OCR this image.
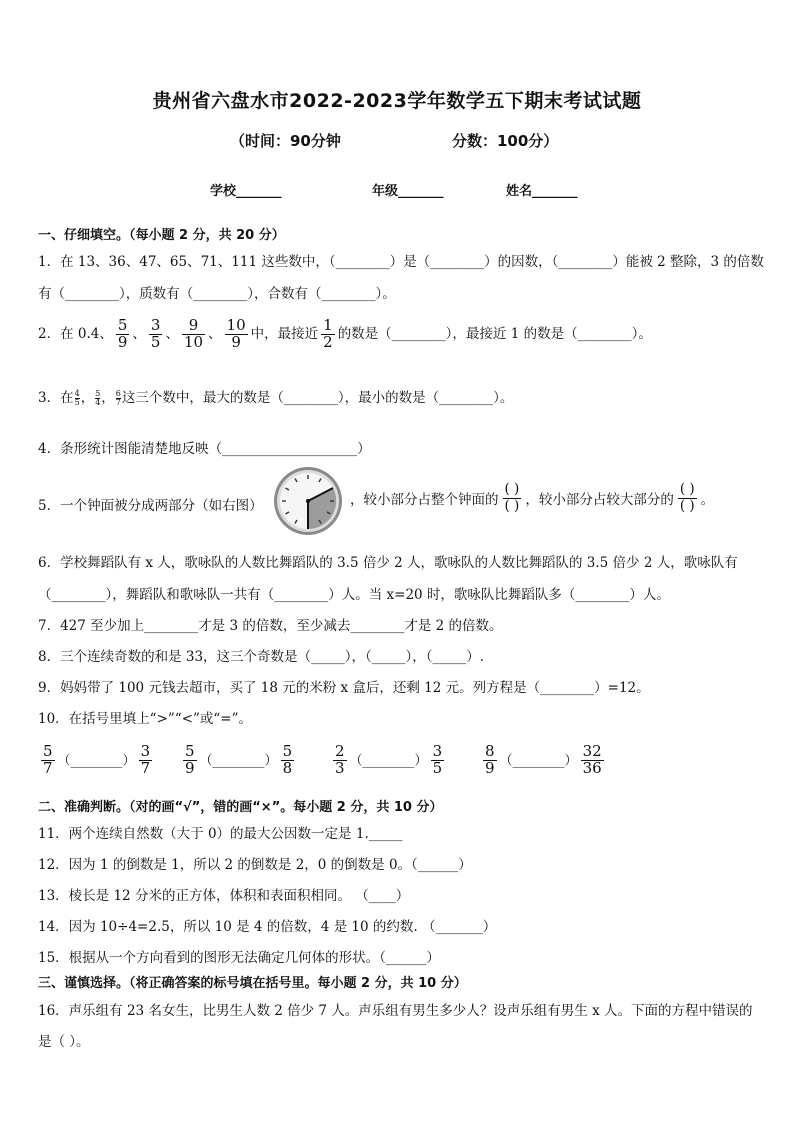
贵州省六盘水市2022-2023学年数学五下期末考试试题
（时间：90分钟	分数：100分）
学校_______	年级_______	姓名_______
一、仔细填空。（每小题 2 分，共 20 分）
1．在 13、36、47、65、71、111 这些数中，（________）是（________）的因数，（________）能被 2 整除，3 的倍数
有（________），质数有（________），合数有（________）。
2．在 0.4、 $\frac{5}{9}$ 、 $\frac{3}{5}$ 、 $\frac{9}{10}$ 、 $\frac{10}{9}$ 中，最接近 $\frac{1}{2}$ 的数是（________），最接近 1 的数是（________）。
3．在 $\frac{4}{5}$ ， $\frac{5}{4}$ ， $\frac{6}{7}$ 这三个数中，最大的数是（________），最小的数是（________）。
4．条形统计图能清楚地反映（____________________）
5．一个钟面被分成两部分（如右图）	，较小部分占整个钟面的
( )
( ) ，较小部分占较大部分的
( )
( ) 。
6．学校舞蹈队有 x 人，歌咏队的人数比舞蹈队的 3.5 倍少 2 人，歌咏队的人数比舞蹈队的 3.5 倍少 2 人，歌咏队有
（________），舞蹈队和歌咏队一共有（________）人。当 x=20 时，歌咏队比舞蹈队多（________）人。
7．427 至少加上________才是 3 的倍数，至少减去________才是 2 的倍数。
8．三个连续奇数的和是 33，这三个奇数是（_____），（_____），（_____）.
9．妈妈带了 100 元钱去超市，买了 18 元的米粉 x 盒后，还剩 12 元。列方程是（________）=12。
10．在括号里填上“>”“<”或“=”。
$\frac{5}{7}$ （________） $\frac{3}{7} \frac{5}{9}$ （________） $\frac{5}{8}$	$\frac{2}{3}$ （________） $\frac{3}{5}$	$\frac{8}{9}$ （________） $\frac{32}{36}$
二、准确判断。（对的画“√”，错的画“×”。每小题 2 分，共 10 分）
11．两个连续自然数（大于 0）的最大公因数一定是 1._____
12．因为 1 的倒数是 1，所以 2 的倒数是 2，0 的倒数是 0。（______）
13．棱长是 12 分米的正方体，体积和表面积相同。 （____）
14．因为 10÷4=2.5，所以 10 是 4 的倍数，4 是 10 的约数. （_______）
15．根据从一个方向看到的图形无法确定几何体的形状。（______）
三、谨慎选择。（将正确答案的标号填在括号里。每小题 2 分，共 10 分）
16．声乐组有 23 名女生，比男生人数 2 倍少 7 人。声乐组有男生多少人？设声乐组有男生 x 人。下面的方程中错误的
是（ ）。
